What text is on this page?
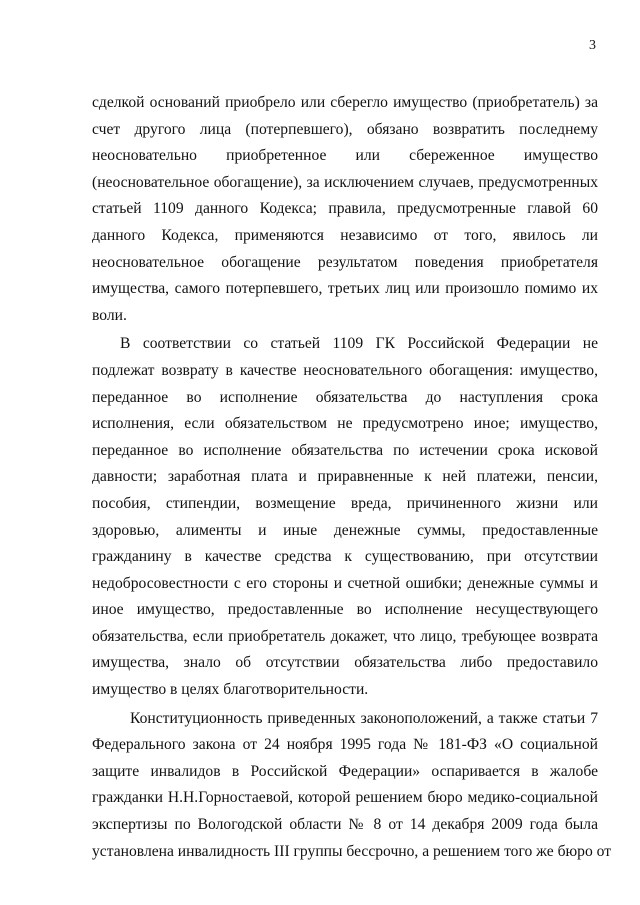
3
сделкой оснований приобрело или сберегло имущество (приобретатель) за
счет другого лица (потерпевшего), обязано возвратить последнему
неосновательно приобретенное или сбереженное имущество
(неосновательное обогащение), за исключением случаев, предусмотренных
статьей 1109 данного Кодекса; правила, предусмотренные главой 60
данного Кодекса, применяются независимо от того, явилось ли
неосновательное обогащение результатом поведения приобретателя
имущества, самого потерпевшего, третьих лиц или произошло помимо их
воли.
В соответствии со статьей 1109 ГК Российской Федерации не
подлежат возврату в качестве неосновательного обогащения: имущество,
переданное во исполнение обязательства до наступления срока
исполнения, если обязательством не предусмотрено иное; имущество,
переданное во исполнение обязательства по истечении срока исковой
давности; заработная плата и приравненные к ней платежи, пенсии,
пособия, стипендии, возмещение вреда, причиненного жизни или
здоровью, алименты и иные денежные суммы, предоставленные
гражданину в качестве средства к существованию, при отсутствии
недобросовестности с его стороны и счетной ошибки; денежные суммы и
иное имущество, предоставленные во исполнение несуществующего
обязательства, если приобретатель докажет, что лицо, требующее возврата
имущества, знало об отсутствии обязательства либо предоставило
имущество в целях благотворительности.
Конституционность приведенных законоположений, а также статьи 7
Федерального закона от 24 ноября 1995 года № 181-ФЗ «О социальной
защите инвалидов в Российской Федерации» оспаривается в жалобе
гражданки Н.Н.Горностаевой, которой решением бюро медико-социальной
экспертизы по Вологодской области № 8 от 14 декабря 2009 года была
установлена инвалидность III группы бессрочно, а решением того же бюро от
